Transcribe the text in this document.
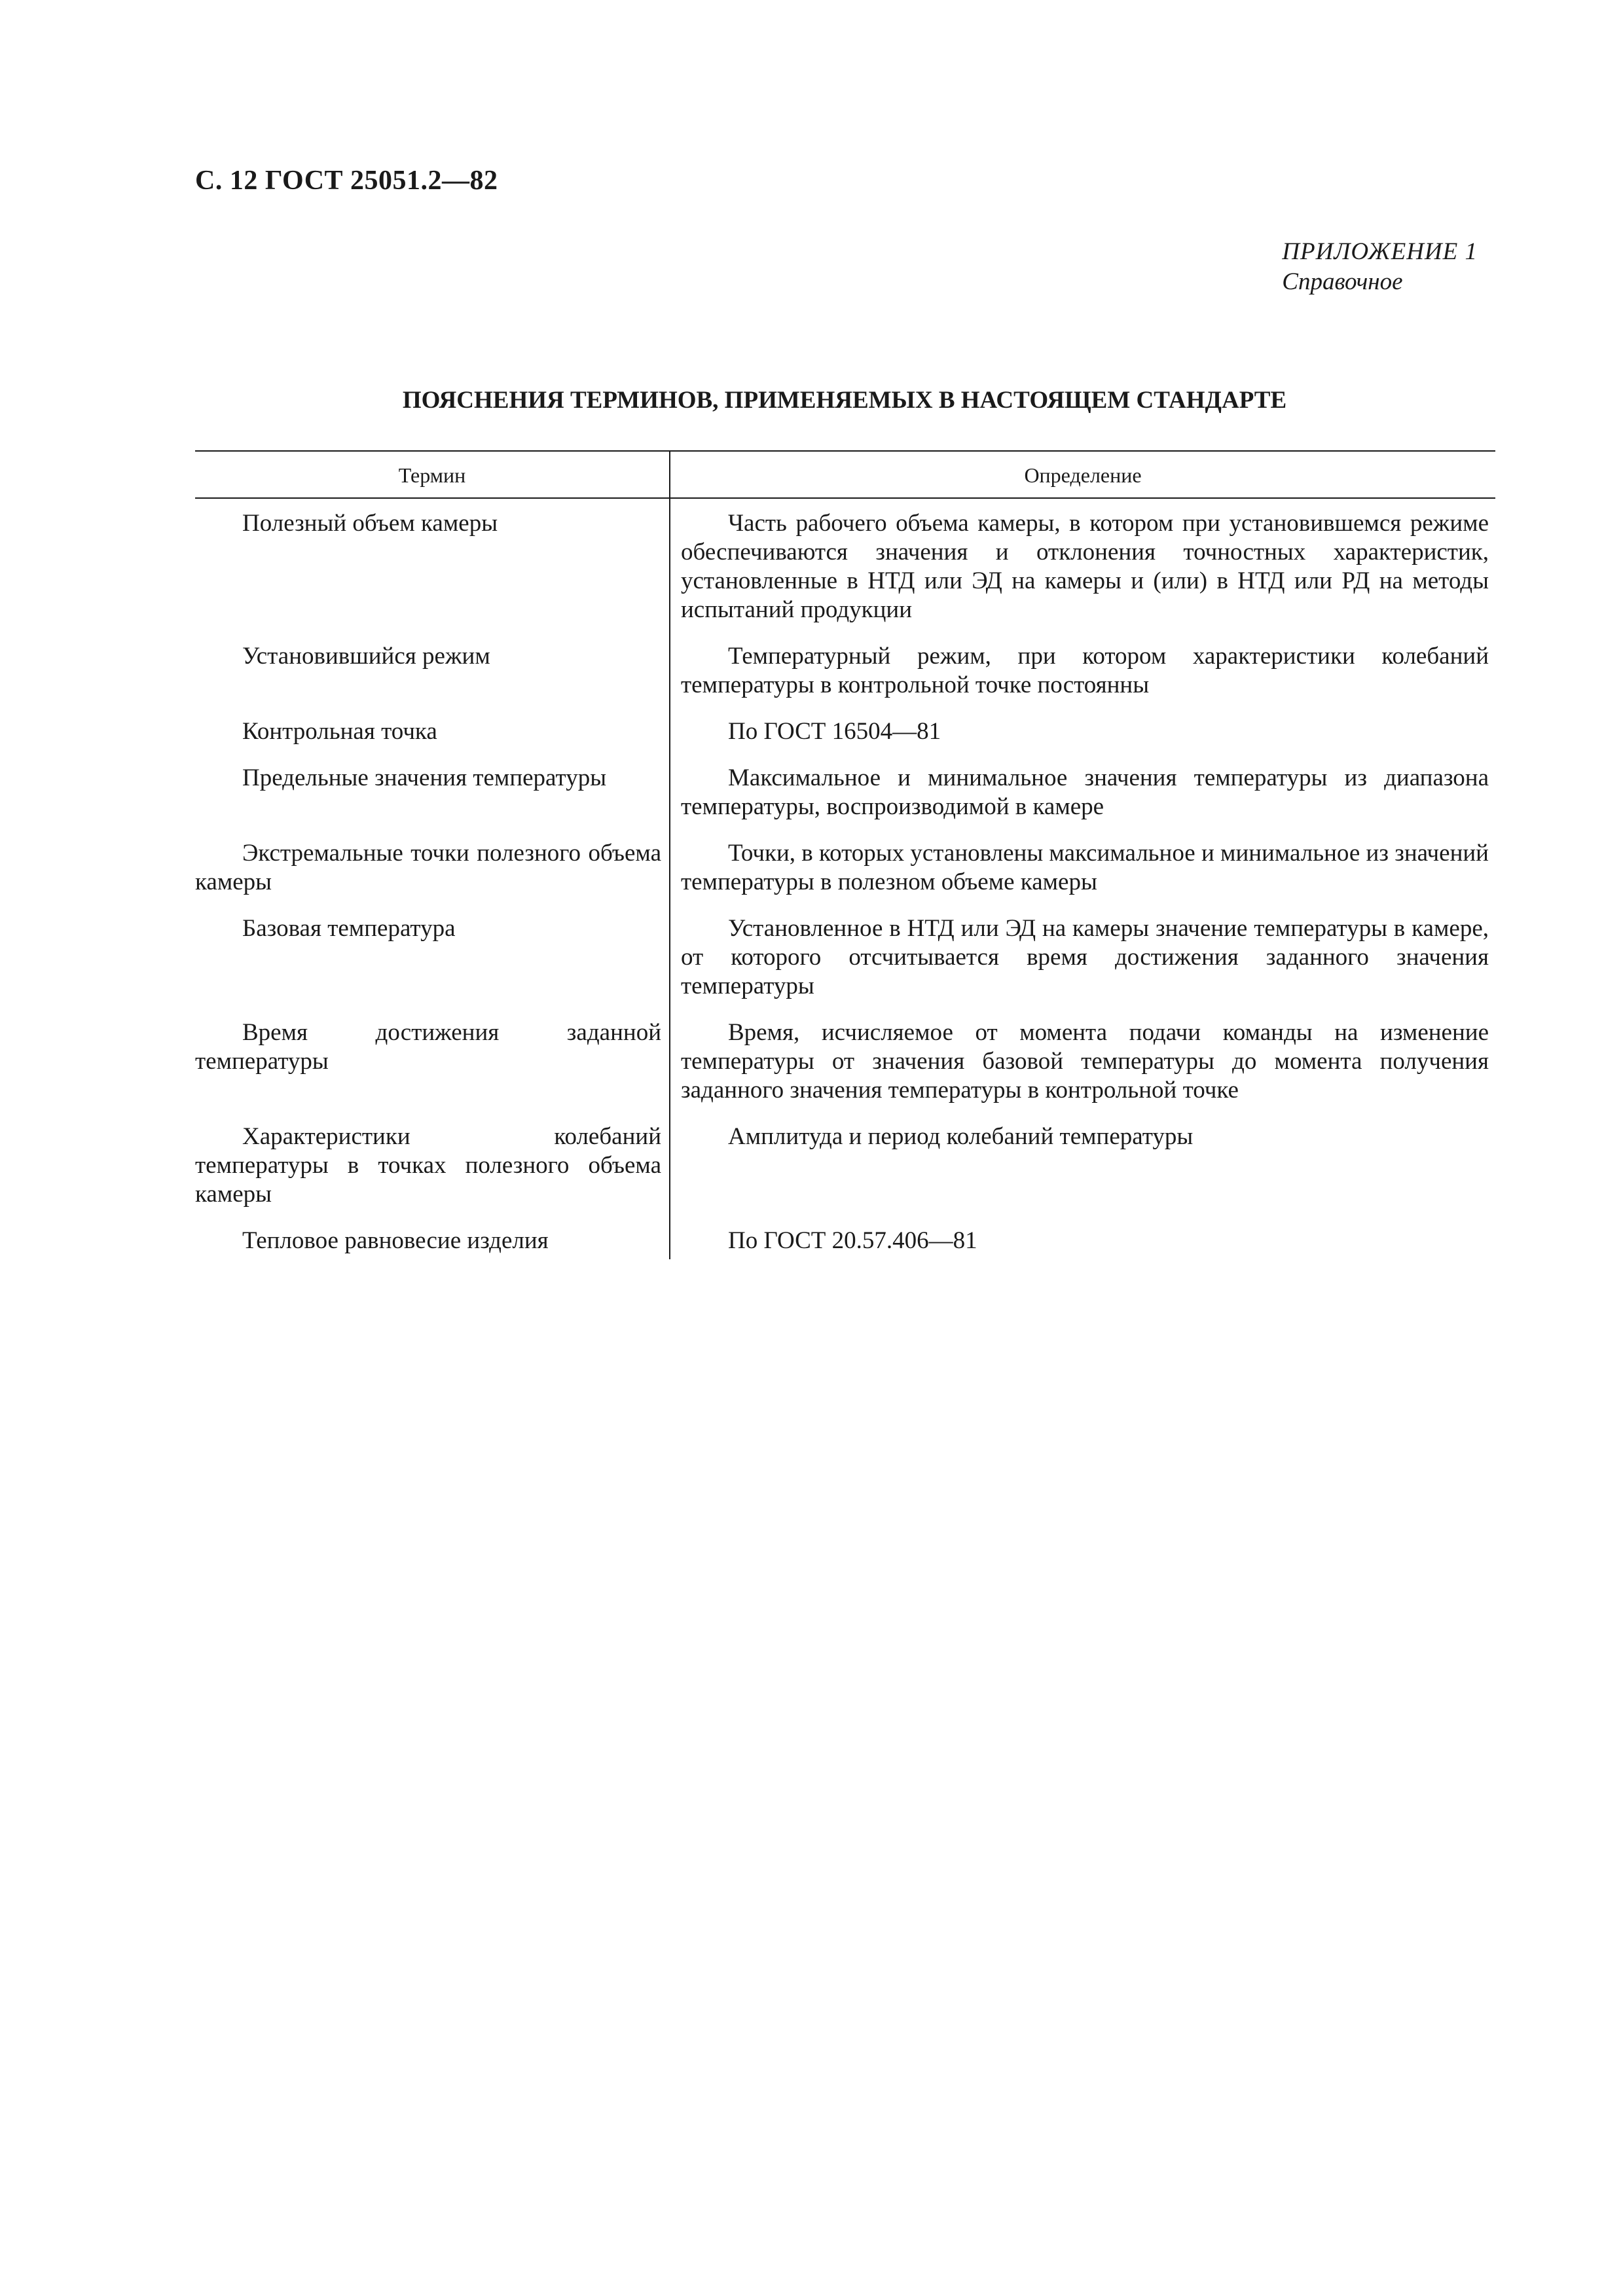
С. 12 ГОСТ 25051.2—82
ПРИЛОЖЕНИЕ 1
Справочное
ПОЯСНЕНИЯ ТЕРМИНОВ, ПРИМЕНЯЕМЫХ В НАСТОЯЩЕМ СТАНДАРТЕ
Термин	Определение
Полезный объем камеры	Часть рабочего объема камеры, в котором при установившемся режиме обеспечиваются значения и отклонения точностных характеристик, установленные в НТД или ЭД на камеры и (или) в НТД или РД на методы испытаний продукции
Установившийся режим	Температурный режим, при котором характеристики колебаний температуры в контрольной точке постоянны
Контрольная точка	По ГОСТ 16504—81
Предельные значения температуры	Максимальное и минимальное значения температуры из диапазона температуры, воспроизводимой в камере
Экстремальные точки полезного объема камеры	Точки, в которых установлены максимальное и минимальное из значений температуры в полезном объеме камеры
Базовая температура	Установленное в НТД или ЭД на камеры значение температуры в камере, от которого отсчитывается время достижения заданного значения температуры
Время достижения заданной температуры	Время, исчисляемое от момента подачи команды на изменение температуры от значения базовой температуры до момента получения заданного значения температуры в контрольной точке
Характеристики колебаний температуры в точках полезного объема камеры	Амплитуда и период колебаний температуры
Тепловое равновесие изделия	По ГОСТ 20.57.406—81
